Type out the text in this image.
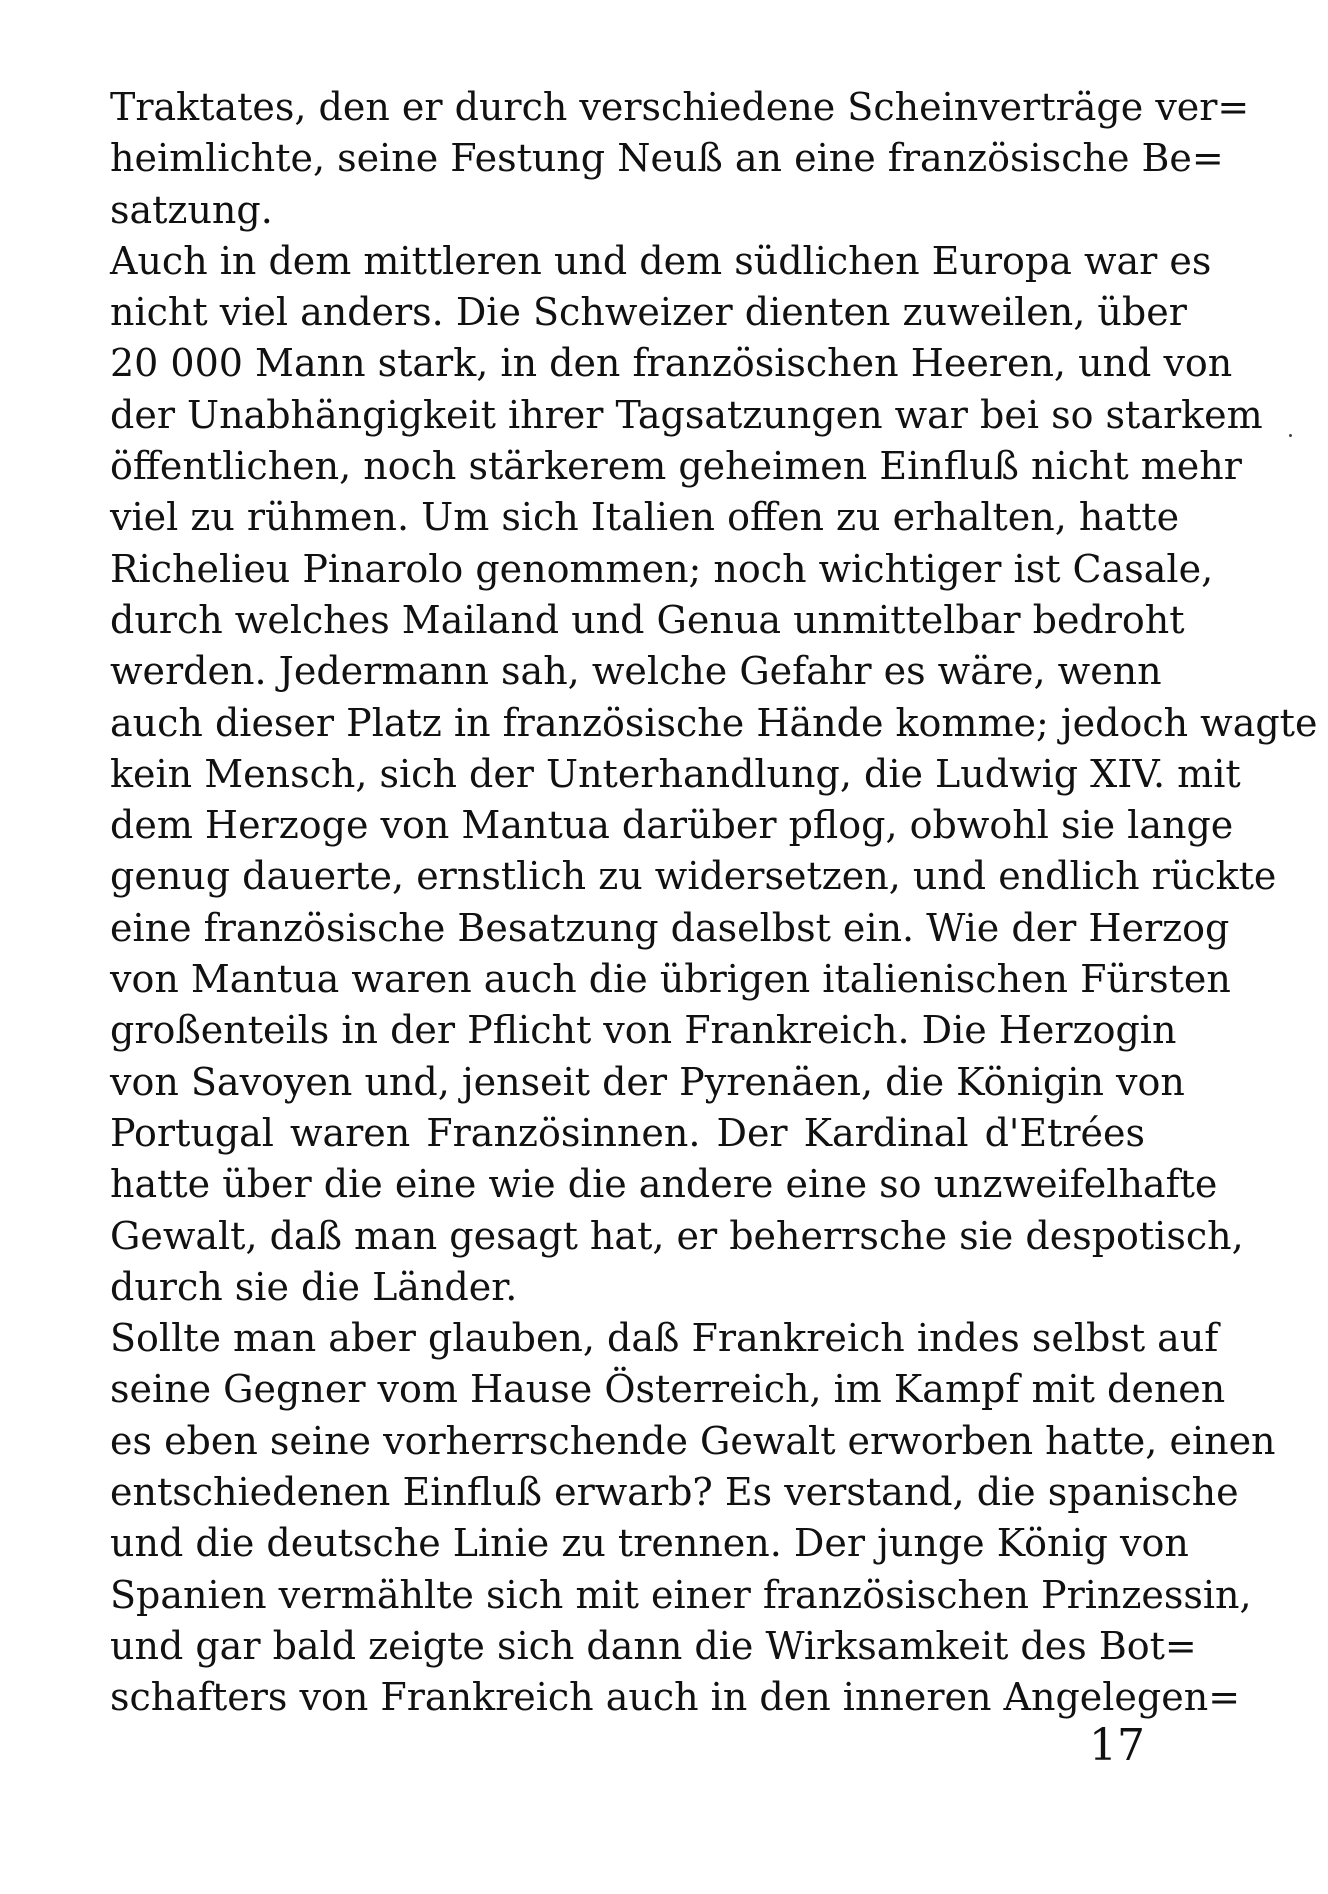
Traktates, den er durch verschiedene Scheinverträge ver=
heimlichte, seine Festung Neuß an eine französische Be=
satzung.
Auch in dem mittleren und dem südlichen Europa war es
nicht viel anders. Die Schweizer dienten zuweilen, über
20 000 Mann stark, in den französischen Heeren, und von
der Unabhängigkeit ihrer Tagsatzungen war bei so starkem
öffentlichen, noch stärkerem geheimen Einfluß nicht mehr
viel zu rühmen. Um sich Italien offen zu erhalten, hatte
Richelieu Pinarolo genommen; noch wichtiger ist Casale,
durch welches Mailand und Genua unmittelbar bedroht
werden. Jedermann sah, welche Gefahr es wäre, wenn
auch dieser Platz in französische Hände komme; jedoch wagte
kein Mensch, sich der Unterhandlung, die Ludwig XIV. mit
dem Herzoge von Mantua darüber pflog, obwohl sie lange
genug dauerte, ernstlich zu widersetzen, und endlich rückte
eine französische Besatzung daselbst ein. Wie der Herzog
von Mantua waren auch die übrigen italienischen Fürsten
großenteils in der Pflicht von Frankreich. Die Herzogin
von Savoyen und, jenseit der Pyrenäen, die Königin von
Portugal waren Französinnen. Der Kardinal d'Etrées
hatte über die eine wie die andere eine so unzweifelhafte
Gewalt, daß man gesagt hat, er beherrsche sie despotisch,
durch sie die Länder.
Sollte man aber glauben, daß Frankreich indes selbst auf
seine Gegner vom Hause Österreich, im Kampf mit denen
es eben seine vorherrschende Gewalt erworben hatte, einen
entschiedenen Einfluß erwarb? Es verstand, die spanische
und die deutsche Linie zu trennen. Der junge König von
Spanien vermählte sich mit einer französischen Prinzessin,
und gar bald zeigte sich dann die Wirksamkeit des Bot=
schafters von Frankreich auch in den inneren Angelegen=
17
